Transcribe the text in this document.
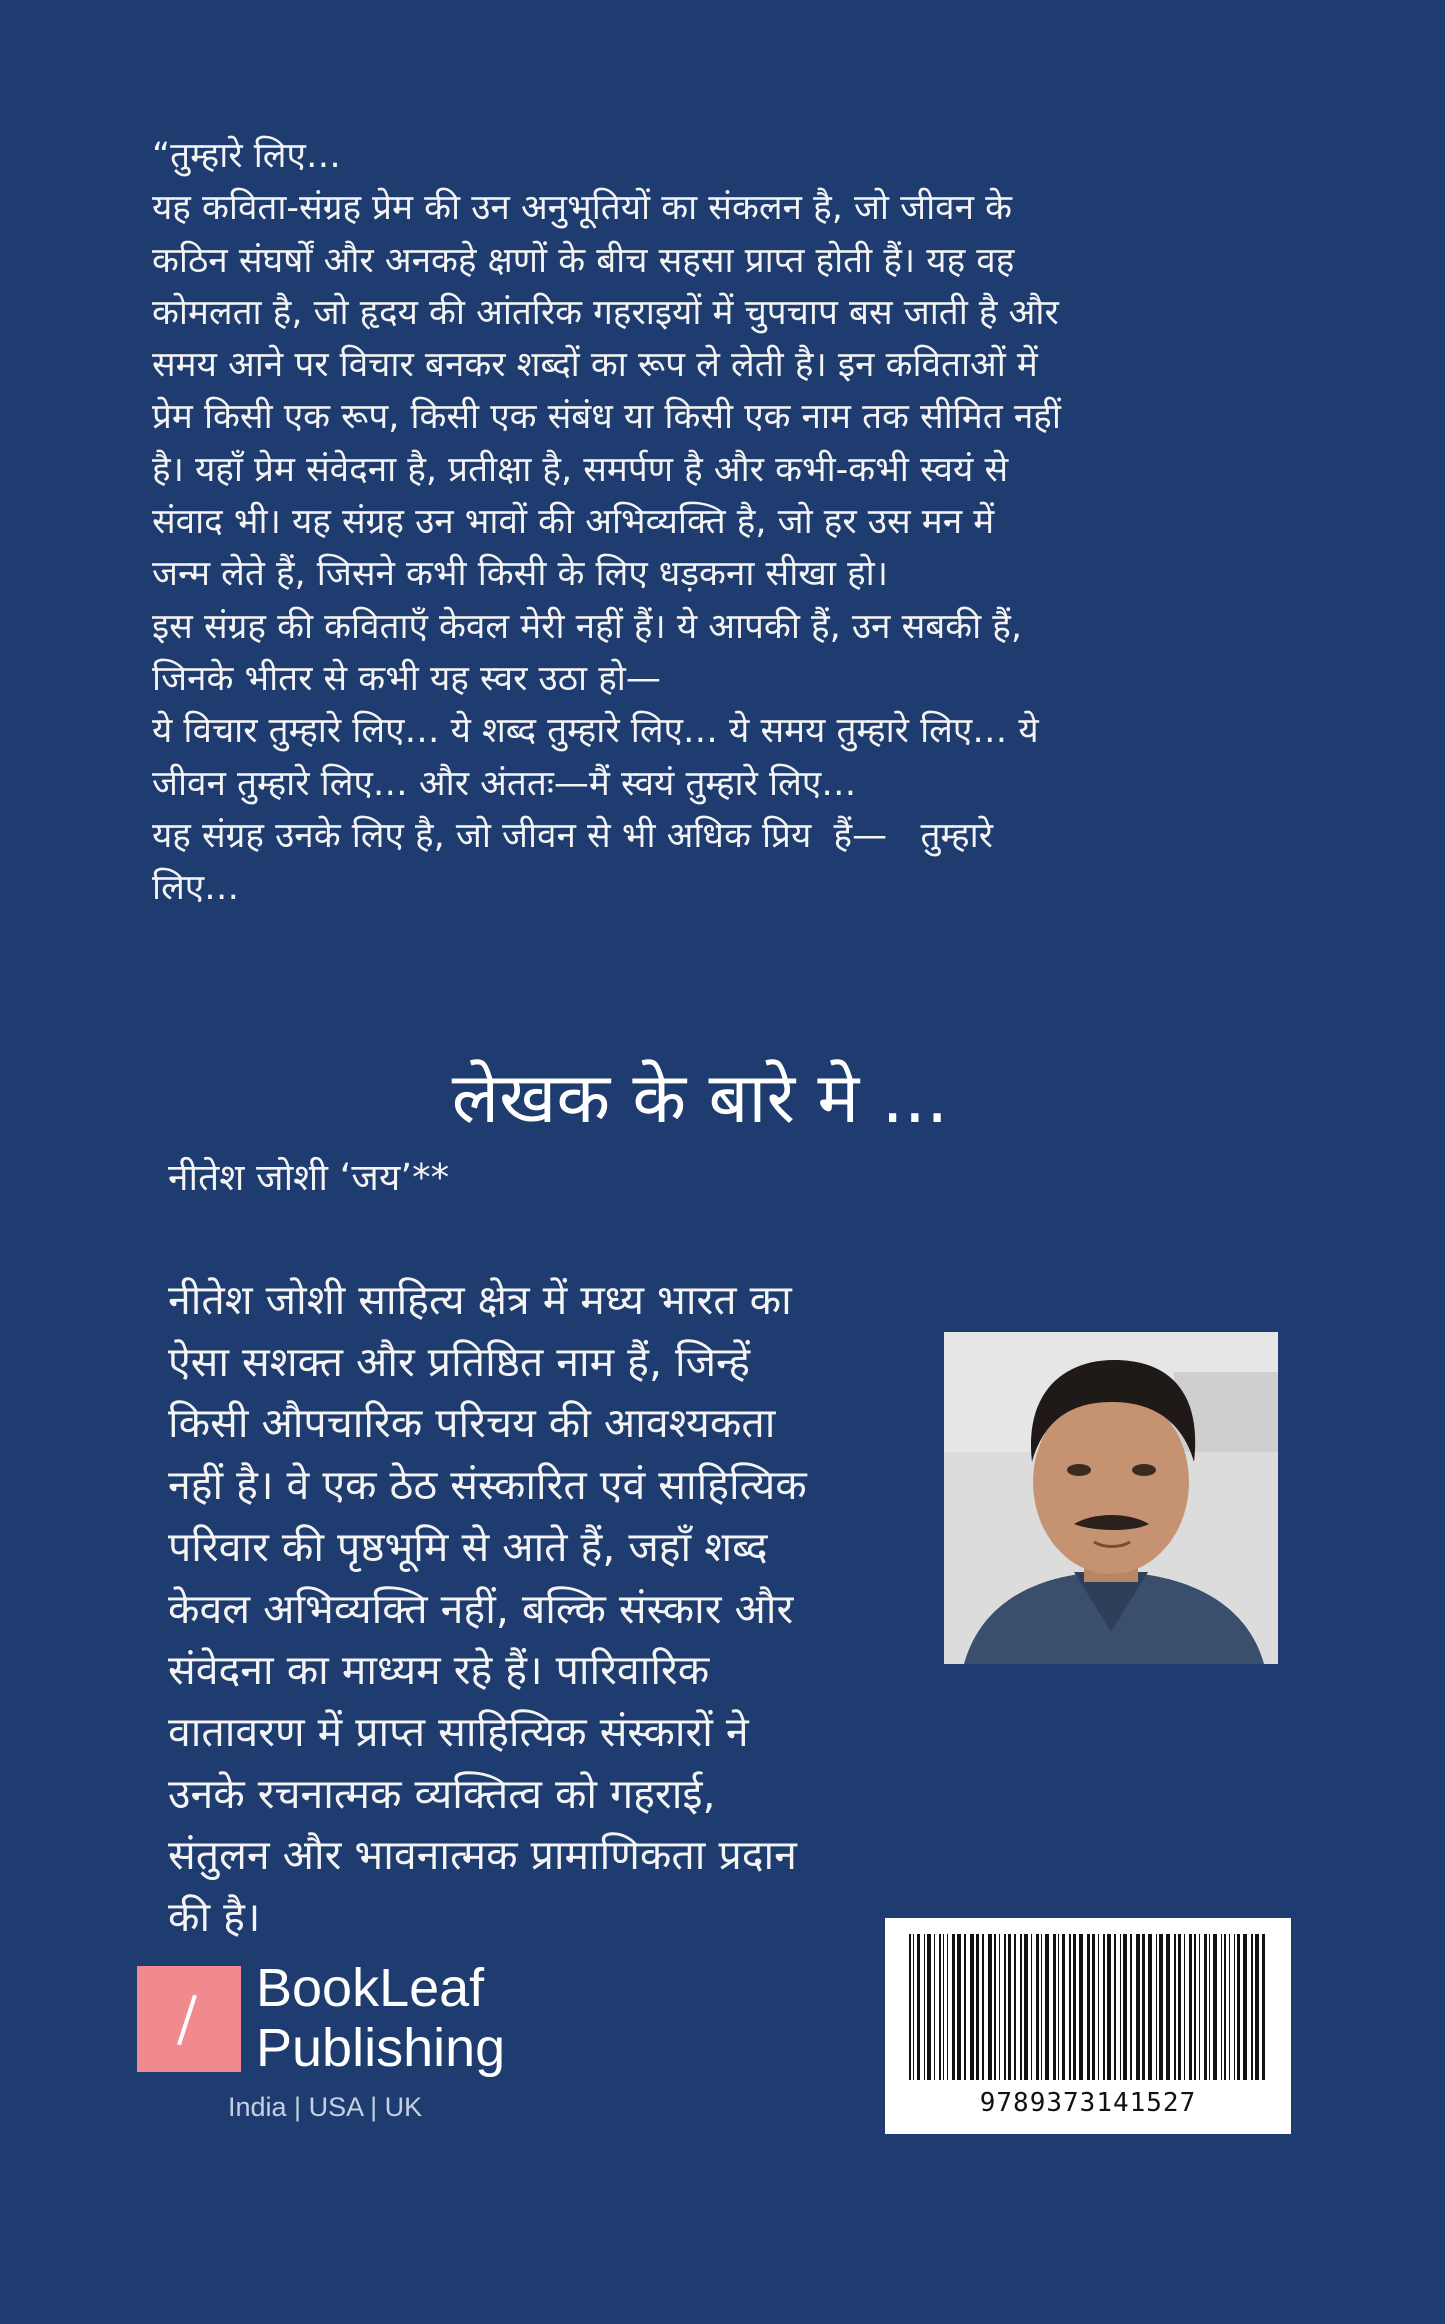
“तुम्हारे लिए…

यह कविता-संग्रह प्रेम की उन अनुभूतियों का संकलन है, जो जीवन के

कठिन संघर्षों और अनकहे क्षणों के बीच सहसा प्राप्त होती हैं। यह वह

कोमलता है, जो हृदय की आंतरिक गहराइयों में चुपचाप बस जाती है और

समय आने पर विचार बनकर शब्दों का रूप ले लेती है। इन कविताओं में

प्रेम किसी एक रूप, किसी एक संबंध या किसी एक नाम तक सीमित नहीं

है। यहाँ प्रेम संवेदना है, प्रतीक्षा है, समर्पण है और कभी-कभी स्वयं से

संवाद भी। यह संग्रह उन भावों की अभिव्यक्ति है, जो हर उस मन में

जन्म लेते हैं, जिसने कभी किसी के लिए धड़कना सीखा हो।

इस संग्रह की कविताएँ केवल मेरी नहीं हैं। ये आपकी हैं, उन सबकी हैं,

जिनके भीतर से कभी यह स्वर उठा हो—

ये विचार तुम्हारे लिए… ये शब्द तुम्हारे लिए… ये समय तुम्हारे लिए… ये

जीवन तुम्हारे लिए… और अंततः—मैं स्वयं तुम्हारे लिए…

यह संग्रह उनके लिए है, जो जीवन से भी अधिक प्रिय  हैं—   तुम्हारे

लिए…

लेखक के बारे मे ...
नीतेश जोशी ‘जय’**

नीतेश जोशी साहित्य क्षेत्र में मध्य भारत का

ऐसा सशक्त और प्रतिष्ठित नाम हैं, जिन्हें

किसी औपचारिक परिचय की आवश्यकता

नहीं है। वे एक ठेठ संस्कारित एवं साहित्यिक

परिवार की पृष्ठभूमि से आते हैं, जहाँ शब्द

केवल अभिव्यक्ति नहीं, बल्कि संस्कार और

संवेदना का माध्यम रहे हैं। पारिवारिक

वातावरण में प्राप्त साहित्यिक संस्कारों ने

उनके रचनात्मक व्यक्तित्व को गहराई,

संतुलन और भावनात्मक प्रामाणिकता प्रदान

की है।

BookLeaf
Publishing
India | USA | UK	9789373141527
